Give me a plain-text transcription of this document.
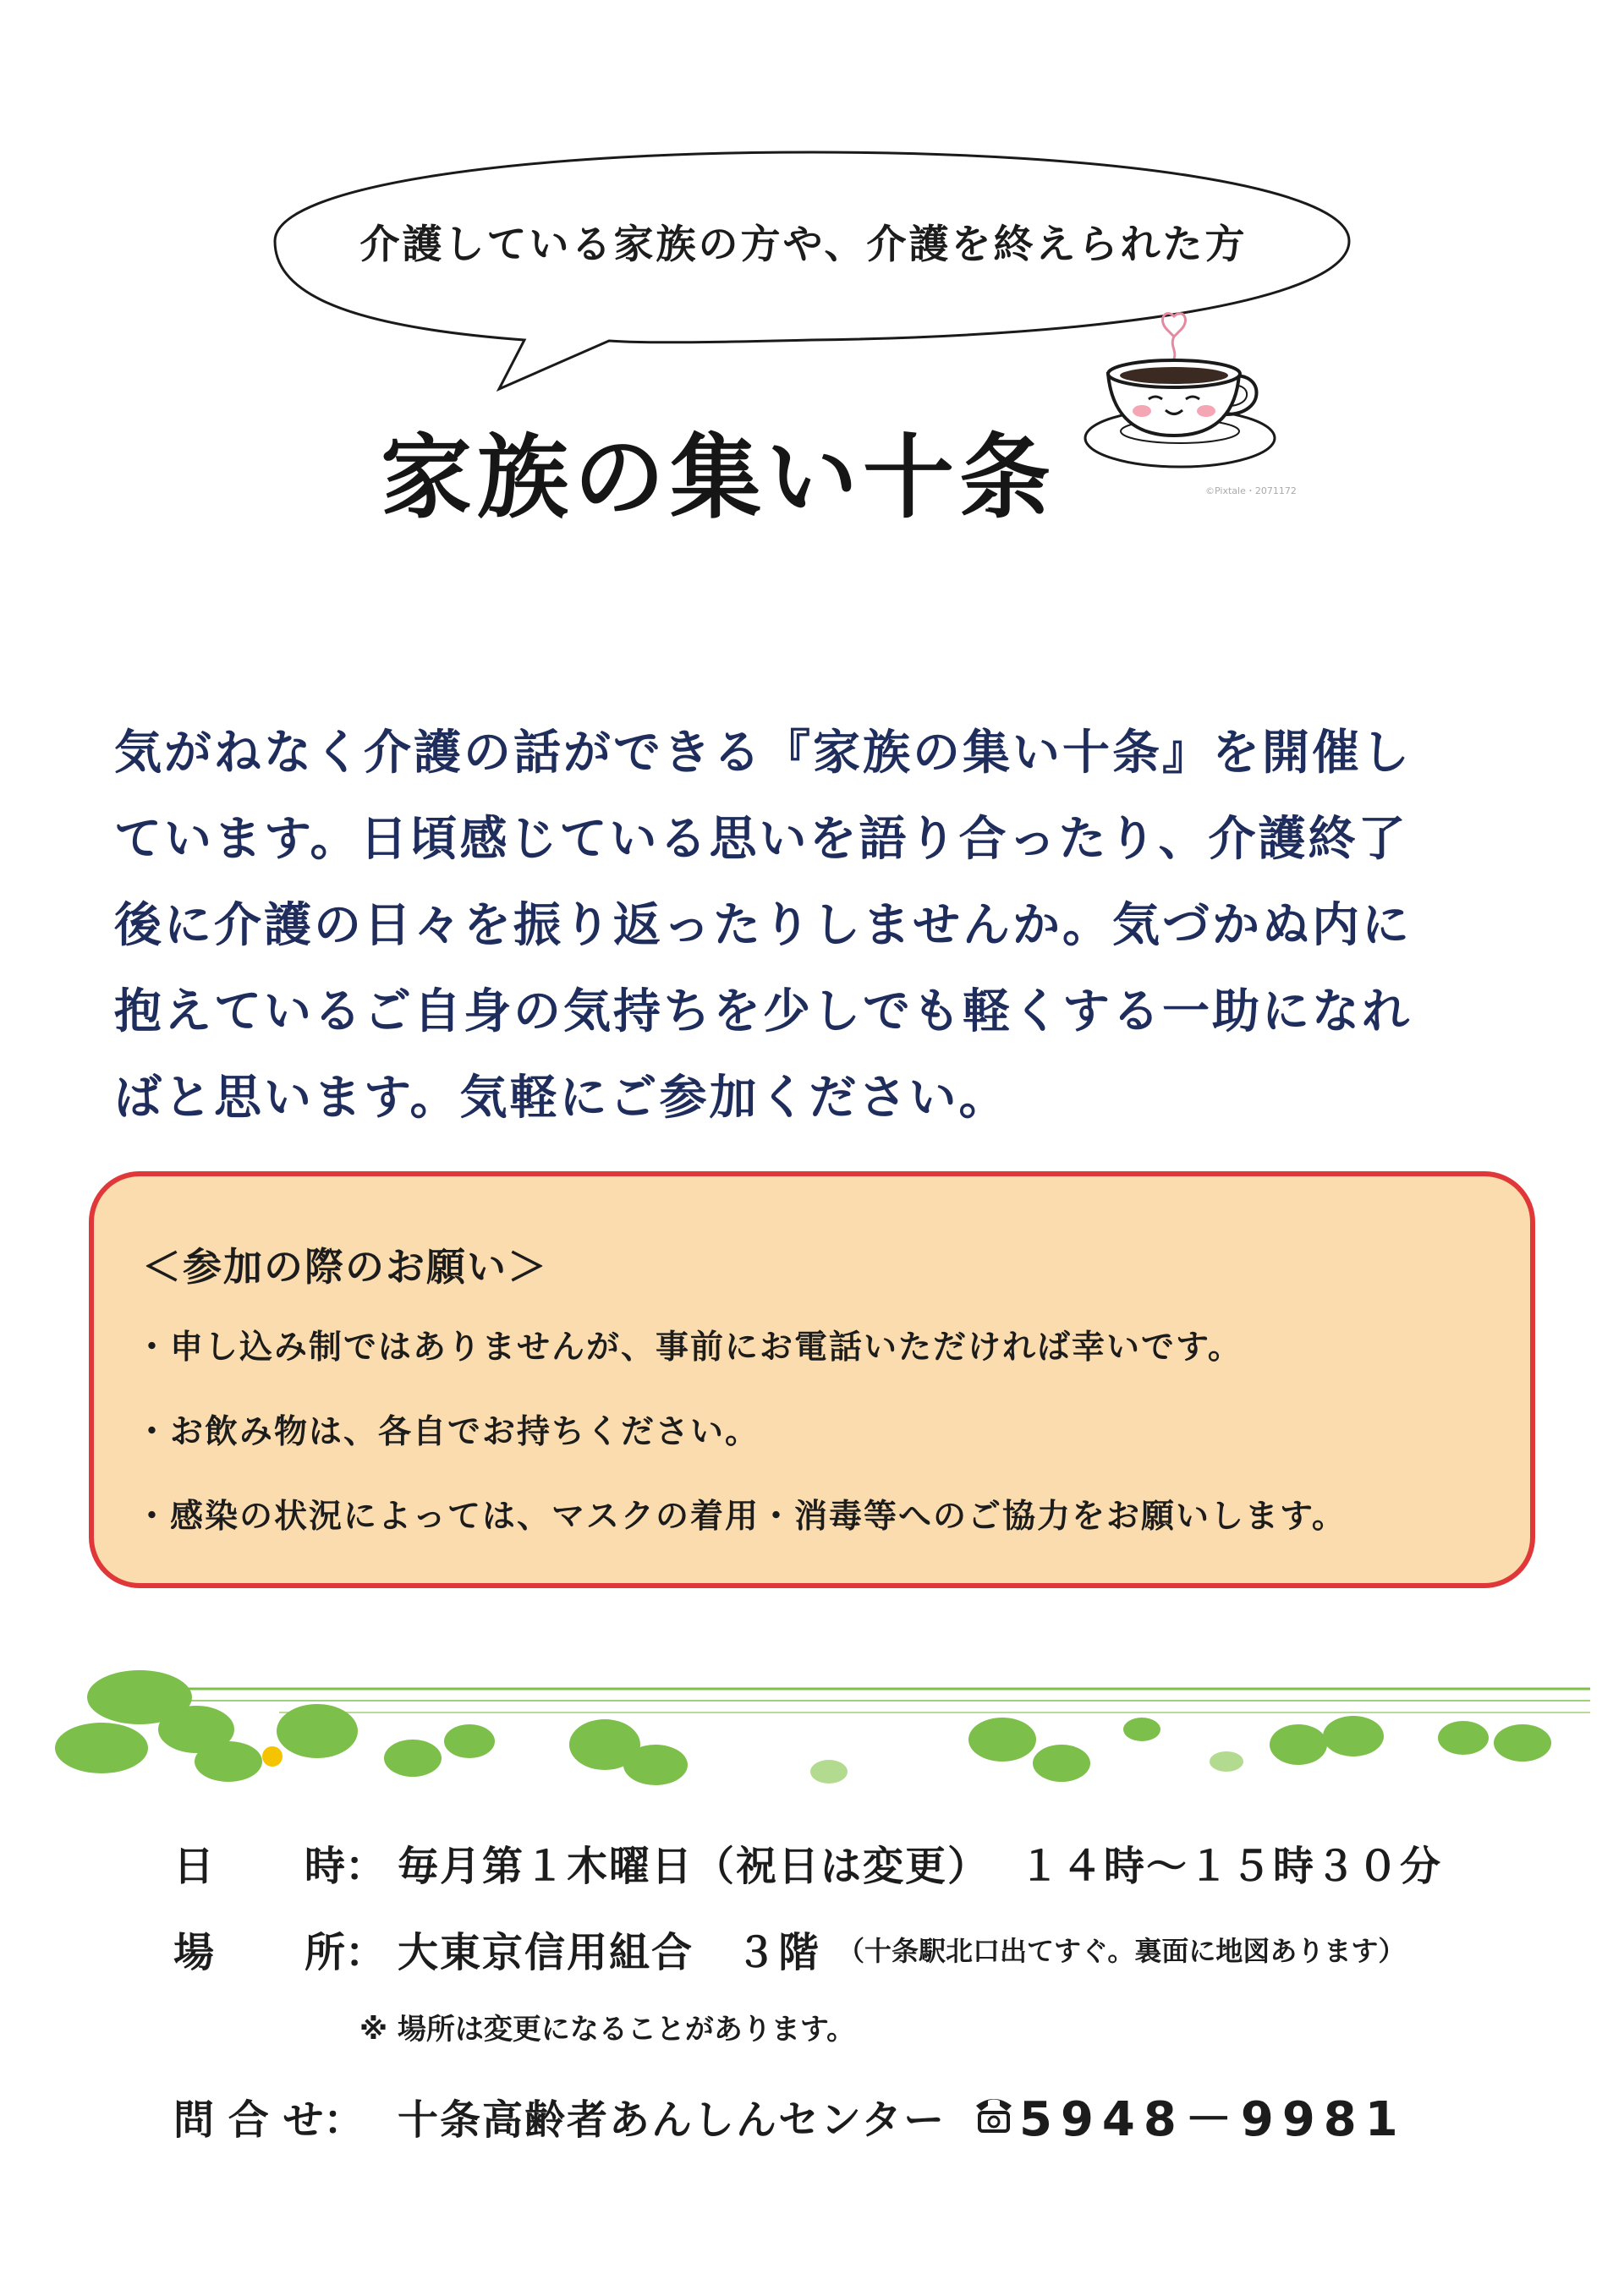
介護している家族の方や、介護を終えられた方
家族の集い十条	©Pixtale・2071172
気がねなく介護の話ができる『家族の集い十条』を開催し
ています。日頃感じている思いを語り合ったり、介護終了
後に介護の日々を振り返ったりしませんか。気づかぬ内に
抱えているご自身の気持ちを少しでも軽くする一助になれ
ばと思います。気軽にご参加ください。
＜参加の際のお願い＞
・申し込み制ではありませんが、事前にお電話いただければ幸いです。
・お飲み物は、各自でお持ちください。
・感染の状況によっては、マスクの着用・消毒等へのご協力をお願いします。
日 時： 毎月第１木曜日（祝日は変更） １４時～１５時３０分
場 所： 大東京信用組合　３階 （十条駅北口出てすぐ。裏面に地図あります）
※ 場所は変更になることがあります。
問 合 せ： 十条高齢者あんしんセンター 5948－9981
